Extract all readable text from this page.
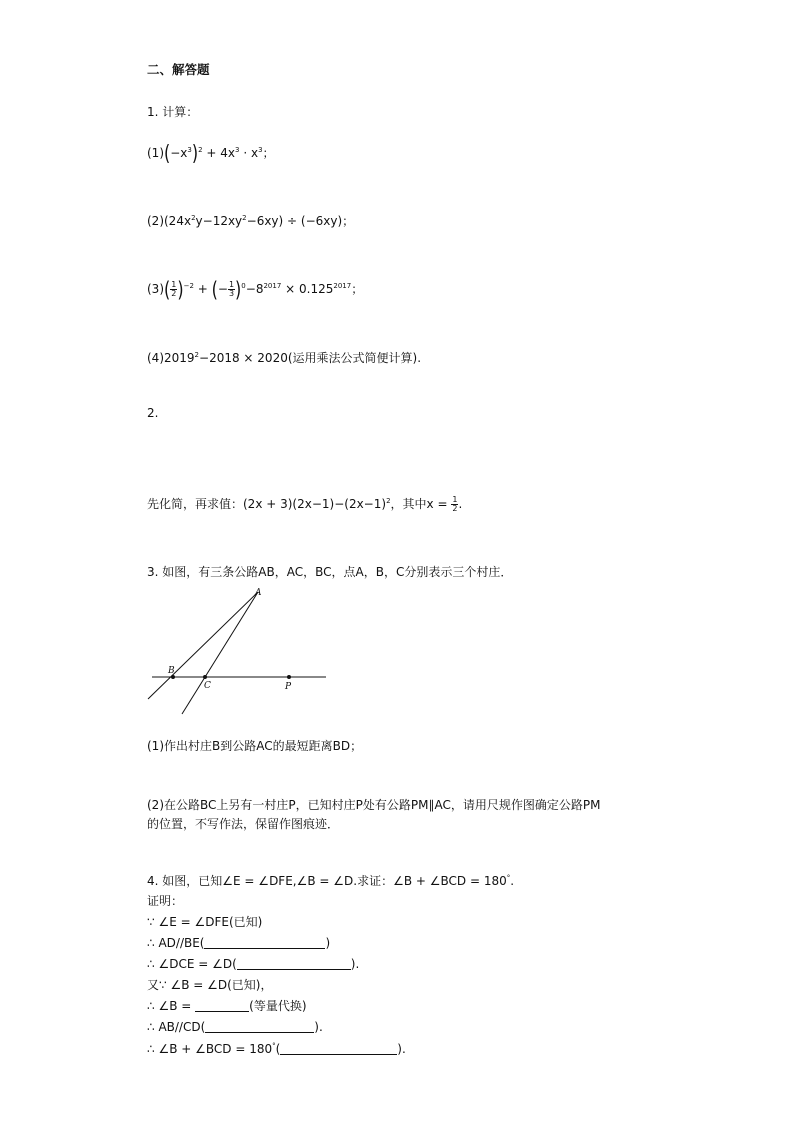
二、解答题
1. 计算：
$(1)(-x^3)^2 + 4x^3 \cdot x^3$；
$(2)(24x^2y-12xy^2-6xy) \div (-6xy)$；
$(3)( \frac{1}{2} )^{-2}$ + (− $\frac{1}{3} )^0-8^{2017} \times 0.125^{2017}$；
$(4)2019^2-2018 \times 2020$(运用乘法公式简便计算).
2.
先化简，再求值：$(2x + 3)(2x-1)-(2x-1)^2$，其中$x = \frac{1}{2}$ .
3. 如图，有三条公路AB，AC，BC，点A，B，C分别表示三个村庄．
A
B
C	P
(1)作出村庄B到公路AC的最短距离BD；
(2)在公路BC上另有一村庄P，已知村庄P处有公路PM∥AC，请用尺规作图确定公路PM
的位置，不写作法，保留作图痕迹．
4. 如图，已知∠E = ∠DFE,∠B = ∠D.求证：∠B + ∠BCD = 180°.
证明：
∵ ∠E = ∠DFE(已知)
∴ AD//BE(	)
∴ ∠DCE = ∠D(	).
又∵ ∠B = ∠D(已知)，
∴ ∠B =	(等量代换)
∴ AB//CD(	).
∴ ∠B + ∠BCD = 180°(	).
